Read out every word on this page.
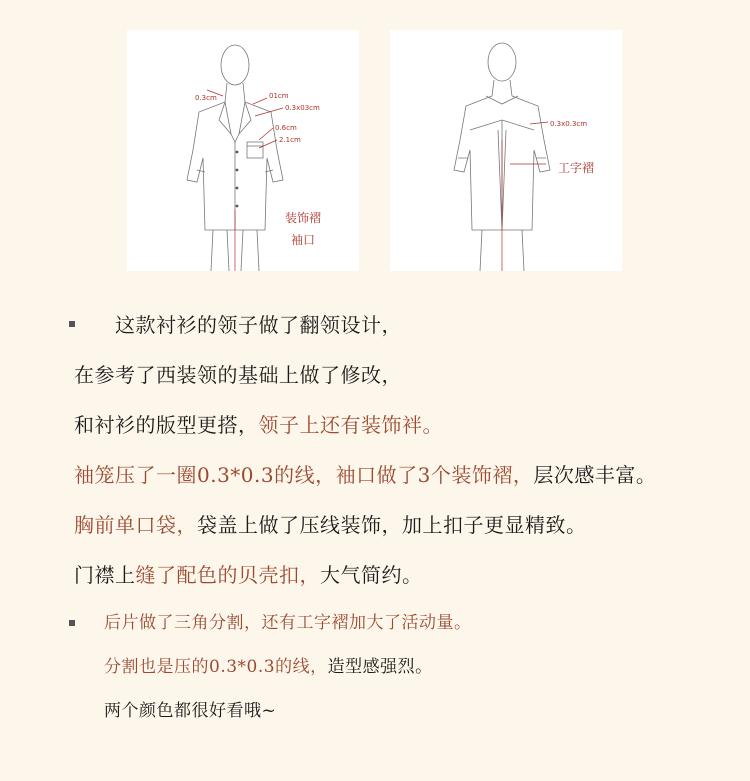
0.3cm	01cm
0.3x03cm
0.6cm
2.1cm
装饰褶
袖口
0.3x0.3cm
工字褶
这款衬衫的领子做了翻领设计，
在参考了西装领的基础上做了修改，
和衬衫的版型更搭，领子上还有装饰袢。
袖笼压了一圈0.3*0.3的线，袖口做了3个装饰褶，层次感丰富。
胸前单口袋，袋盖上做了压线装饰，加上扣子更显精致。
门襟上缝了配色的贝壳扣，大气简约。
后片做了三角分割，还有工字褶加大了活动量。
分割也是压的0.3*0.3的线，造型感强烈。
两个颜色都很好看哦~
